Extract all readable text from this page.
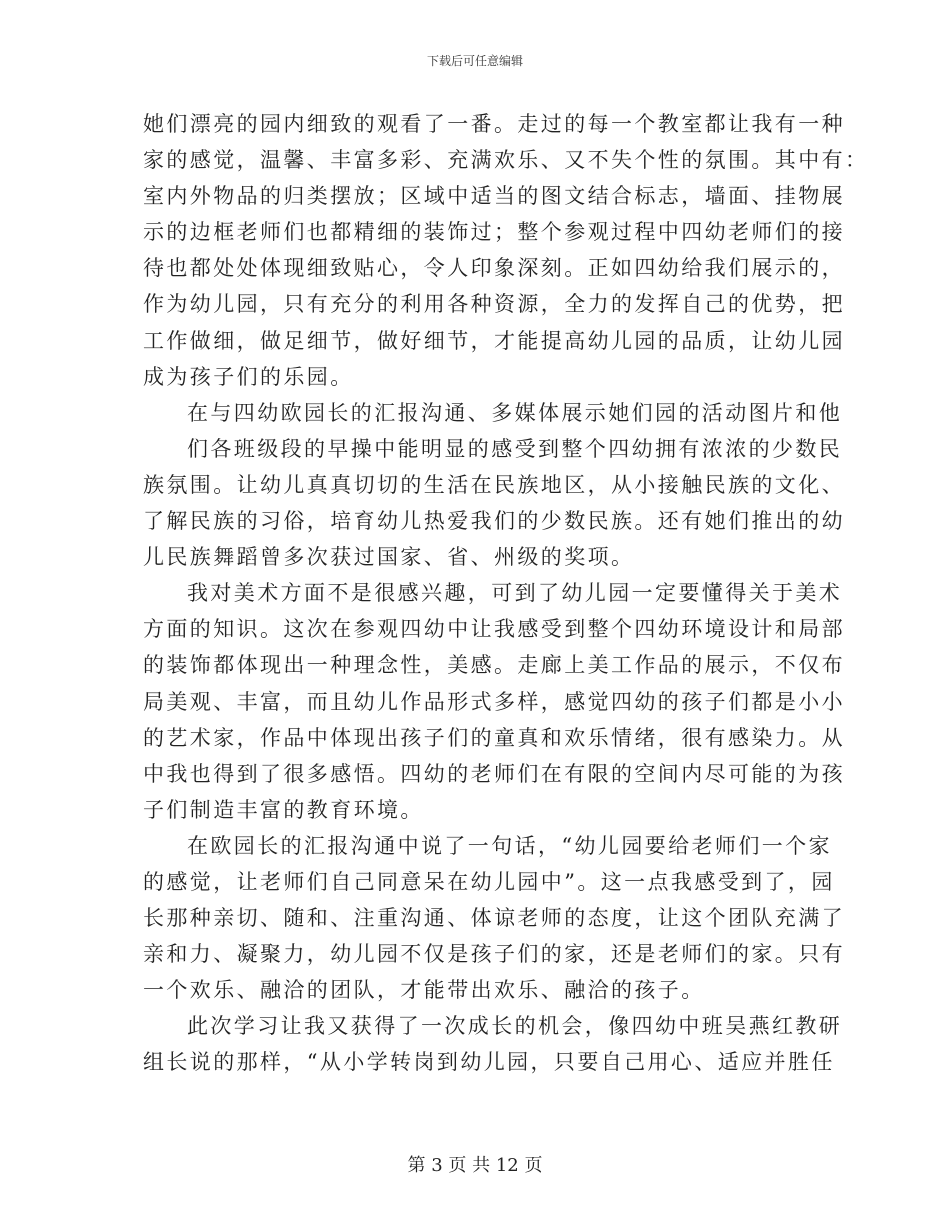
下载后可任意编辑
她们漂亮的园内细致的观看了一番。走过的每一个教室都让我有一种
家的感觉，温馨、丰富多彩、充满欢乐、又不失个性的氛围。其中有：
室内外物品的归类摆放；区域中适当的图文结合标志，墙面、挂物展
示的边框老师们也都精细的装饰过；整个参观过程中四幼老师们的接
待也都处处体现细致贴心，令人印象深刻。正如四幼给我们展示的，
作为幼儿园，只有充分的利用各种资源，全力的发挥自己的优势，把
工作做细，做足细节，做好细节，才能提高幼儿园的品质，让幼儿园
成为孩子们的乐园。
在与四幼欧园长的汇报沟通、多媒体展示她们园的活动图片和他
们各班级段的早操中能明显的感受到整个四幼拥有浓浓的少数民
族氛围。让幼儿真真切切的生活在民族地区，从小接触民族的文化、
了解民族的习俗，培育幼儿热爱我们的少数民族。还有她们推出的幼
儿民族舞蹈曾多次获过国家、省、州级的奖项。
我对美术方面不是很感兴趣，可到了幼儿园一定要懂得关于美术
方面的知识。这次在参观四幼中让我感受到整个四幼环境设计和局部
的装饰都体现出一种理念性，美感。走廊上美工作品的展示，不仅布
局美观、丰富，而且幼儿作品形式多样，感觉四幼的孩子们都是小小
的艺术家，作品中体现出孩子们的童真和欢乐情绪，很有感染力。从
中我也得到了很多感悟。四幼的老师们在有限的空间内尽可能的为孩
子们制造丰富的教育环境。
在欧园长的汇报沟通中说了一句话，“幼儿园要给老师们一个家
的感觉，让老师们自己同意呆在幼儿园中”。这一点我感受到了，园
长那种亲切、随和、注重沟通、体谅老师的态度，让这个团队充满了
亲和力、凝聚力，幼儿园不仅是孩子们的家，还是老师们的家。只有
一个欢乐、融洽的团队，才能带出欢乐、融洽的孩子。
此次学习让我又获得了一次成长的机会，像四幼中班吴燕红教研
组长说的那样，“从小学转岗到幼儿园，只要自己用心、适应并胜任
第 3 页 共 12 页
